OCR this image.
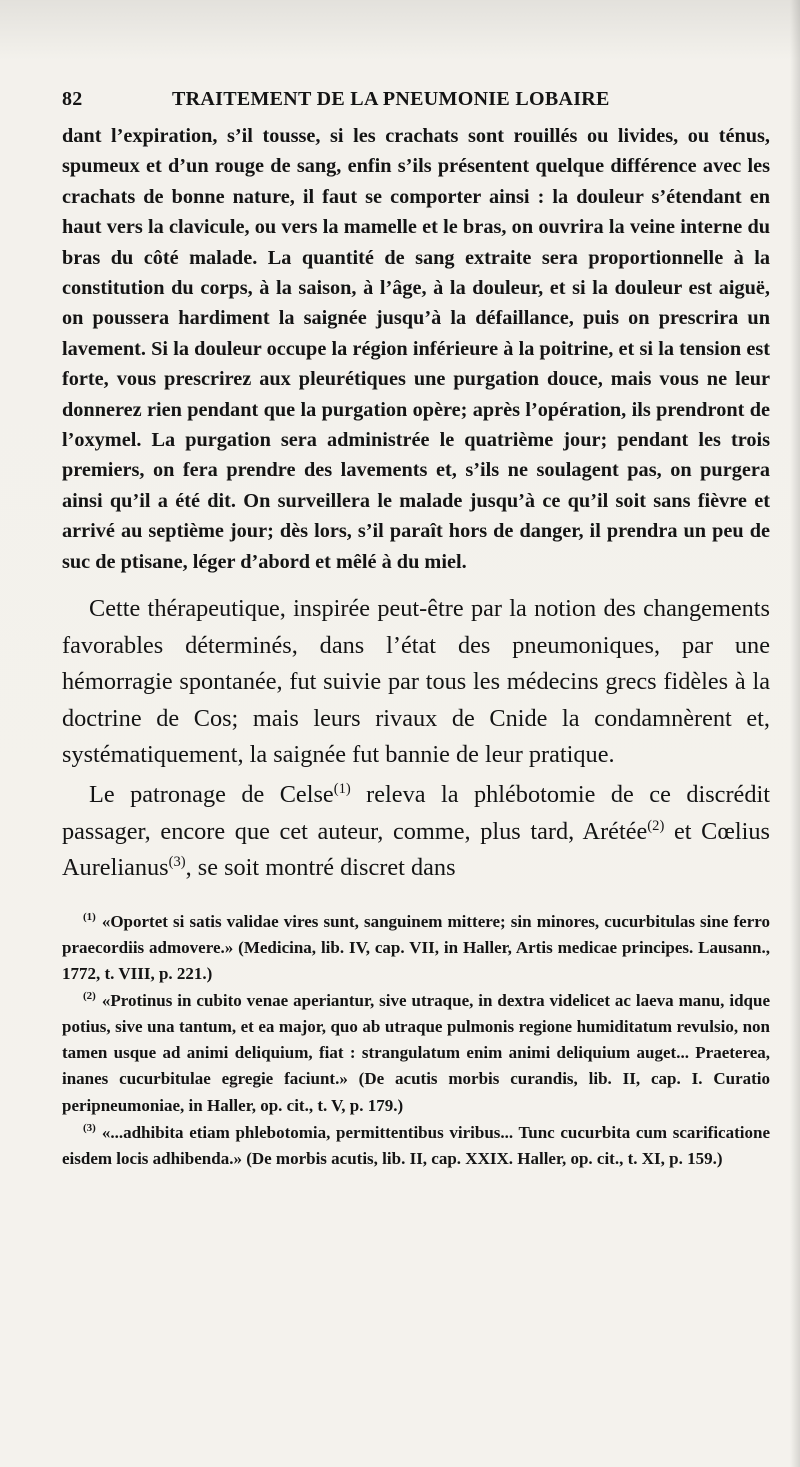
82	TRAITEMENT DE LA PNEUMONIE LOBAIRE

dant l’expiration, s’il tousse, si les crachats sont rouillés ou livides, ou ténus, spumeux et d’un rouge de sang, enfin s’ils présentent quelque différence avec les crachats de bonne nature, il faut se comporter ainsi : la douleur s’étendant en haut vers la clavicule, ou vers la mamelle et le bras, on ouvrira la veine interne du bras du côté malade. La quantité de sang extraite sera proportionnelle à la constitution du corps, à la saison, à l’âge, à la douleur, et si la douleur est aiguë, on poussera hardiment la saignée jusqu’à la défaillance, puis on prescrira un lavement. Si la douleur occupe la région inférieure à la poitrine, et si la tension est forte, vous prescrirez aux pleurétiques une purgation douce, mais vous ne leur donnerez rien pendant que la purgation opère; après l’opération, ils prendront de l’oxymel. La purgation sera administrée le quatrième jour; pendant les trois premiers, on fera prendre des lavements et, s’ils ne soulagent pas, on purgera ainsi qu’il a été dit. On surveillera le malade jusqu’à ce qu’il soit sans fièvre et arrivé au septième jour; dès lors, s’il paraît hors de danger, il prendra un peu de suc de ptisane, léger d’abord et mêlé à du miel.

Cette thérapeutique, inspirée peut-être par la notion des changements favorables déterminés, dans l’état des pneumoniques, par une hémorragie spontanée, fut suivie par tous les médecins grecs fidèles à la doctrine de Cos; mais leurs rivaux de Cnide la condamnèrent et, systématiquement, la saignée fut bannie de leur pratique.

Le patronage de Celse$^{(1)}$ releva la phlébotomie de ce discrédit passager, encore que cet auteur, comme, plus tard, Arétée$^{(2)}$ et Cœlius Aurelianus$^{(3)}$, se soit montré discret dans

$^{(1)}$ «Oportet si satis validae vires sunt, sanguinem mittere; sin minores, cucurbitulas sine ferro praecordiis admovere.» (Medicina, lib. IV, cap. VII, in Haller, Artis medicae principes. Lausann., 1772, t. VIII, p. 221.)

$^{(2)}$ «Protinus in cubito venae aperiantur, sive utraque, in dextra videlicet ac laeva manu, idque potius, sive una tantum, et ea major, quo ab utraque pulmonis regione humiditatum revulsio, non tamen usque ad animi deliquium, fiat : strangulatum enim animi deliquium auget... Praeterea, inanes cucurbitulae egregie faciunt.» (De acutis morbis curandis, lib. II, cap. I. Curatio peripneumoniae, in Haller, op. cit., t. V, p. 179.)

$^{(3)}$ «...adhibita etiam phlebotomia, permittentibus viribus... Tunc cucurbita cum scarificatione eisdem locis adhibenda.» (De morbis acutis, lib. II, cap. XXIX. Haller, op. cit., t. XI, p. 159.)
